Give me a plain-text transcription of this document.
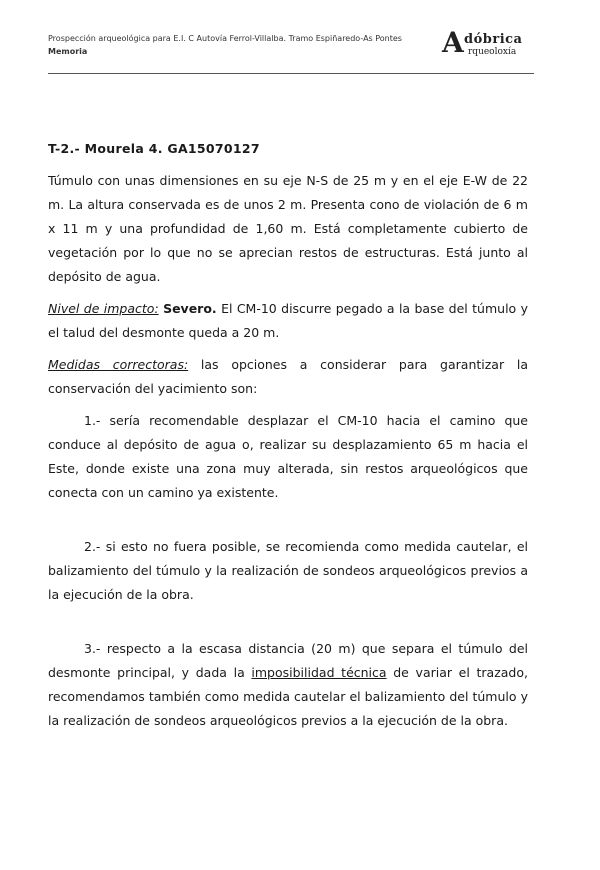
Prospección arqueológica para E.I. C Autovía Ferrol-Villalba. Tramo Espiñaredo-As Pontes
Memoria	A dóbrica
rqueoloxía

T-2.- Mourela 4. GA15070127

Túmulo con unas dimensiones en su eje N-S de 25 m y en el eje E-W de 22 m. La altura conservada es de unos 2 m. Presenta cono de violación de 6 m x 11 m y una profundidad de 1,60 m. Está completamente cubierto de vegetación por lo que no se aprecian restos de estructuras. Está junto al depósito de agua.

Nivel de impacto: Severo. El CM-10 discurre pegado a la base del túmulo y el talud del desmonte queda a 20 m.

Medidas correctoras: las opciones a considerar para garantizar la conservación del yacimiento son:

1.- sería recomendable desplazar el CM-10 hacia el camino que conduce al depósito de agua o, realizar su desplazamiento 65 m hacia el Este, donde existe una zona muy alterada, sin restos arqueológicos que conecta con un camino ya existente.

2.- si esto no fuera posible, se recomienda como medida cautelar, el balizamiento del túmulo y la realización de sondeos arqueológicos previos a la ejecución de la obra.

3.- respecto a la escasa distancia (20 m) que separa el túmulo del desmonte principal, y dada la imposibilidad técnica de variar el trazado, recomendamos también como medida cautelar el balizamiento del túmulo y la realización de sondeos arqueológicos previos a la ejecución de la obra.
